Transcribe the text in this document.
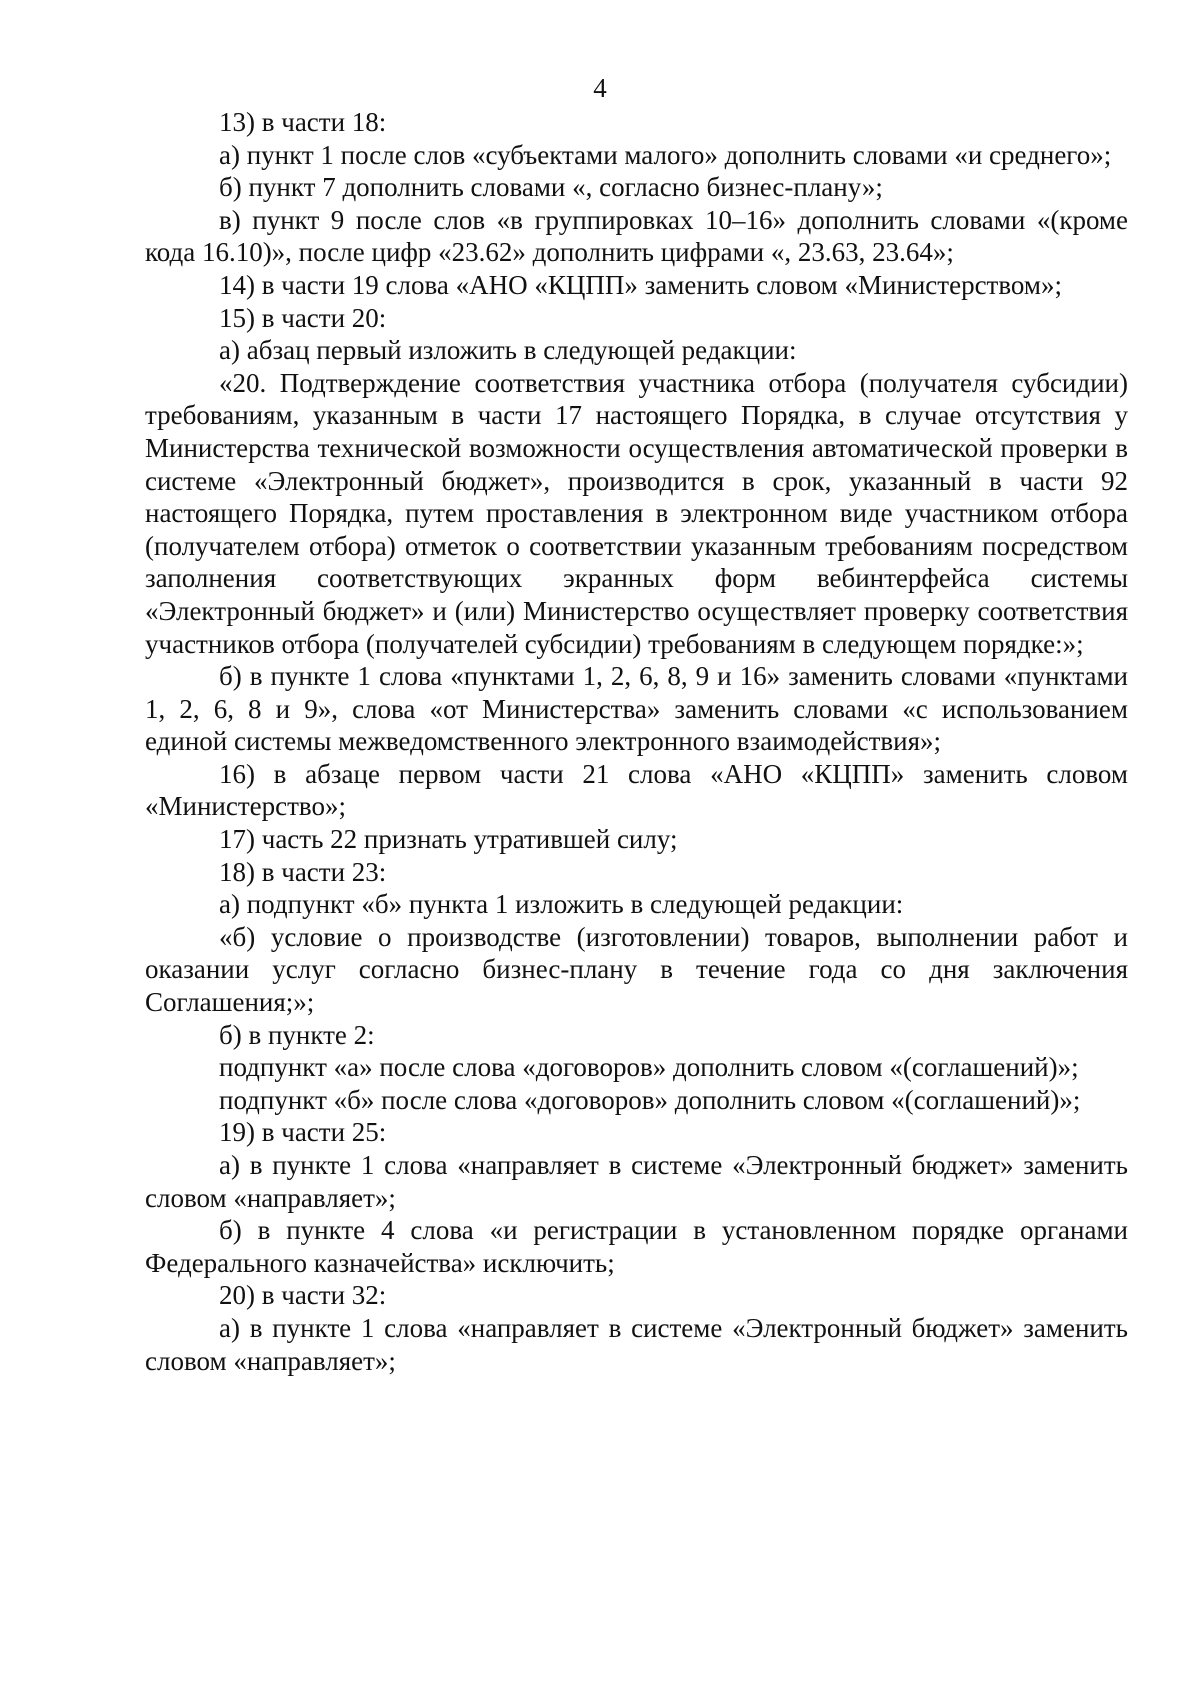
4

13) в части 18:

а) пункт 1 после слов «субъектами малого» дополнить словами «и среднего»;

б) пункт 7 дополнить словами «, согласно бизнес-плану»;

в) пункт 9 после слов «в группировках 10–16» дополнить словами «(кроме кода 16.10)», после цифр «23.62» дополнить цифрами «, 23.63, 23.64»;

14) в части 19 слова «АНО «КЦПП» заменить словом «Министерством»;

15) в части 20:

а) абзац первый изложить в следующей редакции:

«20. Подтверждение соответствия участника отбора (получателя субсидии) требованиям, указанным в части 17 настоящего Порядка, в случае отсутствия у Министерства технической возможности осуществления автоматической проверки в системе «Электронный бюджет», производится в срок, указанный в части 92 настоящего Порядка, путем проставления в электронном виде участником отбора (получателем отбора) отметок о соответствии указанным требованиям посредством заполнения соответствующих экранных форм вебинтерфейса системы «Электронный бюджет» и (или) Министерство осуществляет проверку соответствия участников отбора (получателей субсидии) требованиям в следующем порядке:»;

б) в пункте 1 слова «пунктами 1, 2, 6, 8, 9 и 16» заменить словами «пунктами 1, 2, 6, 8 и 9», слова «от Министерства» заменить словами «с использованием единой системы межведомственного электронного взаимодействия»;

16) в абзаце первом части 21 слова «АНО «КЦПП» заменить словом «Министерство»;

17) часть 22 признать утратившей силу;

18) в части 23:

а) подпункт «б» пункта 1 изложить в следующей редакции:

«б) условие о производстве (изготовлении) товаров, выполнении работ и оказании услуг согласно бизнес-плану в течение года со дня заключения Соглашения;»;

б) в пункте 2:

подпункт «а» после слова «договоров» дополнить словом «(соглашений)»;

подпункт «б» после слова «договоров» дополнить словом «(соглашений)»;

19) в части 25:

а) в пункте 1 слова «направляет в системе «Электронный бюджет» заменить словом «направляет»;

б) в пункте 4 слова «и регистрации в установленном порядке органами Федерального казначейства» исключить;

20) в части 32:

а) в пункте 1 слова «направляет в системе «Электронный бюджет» заменить словом «направляет»;
